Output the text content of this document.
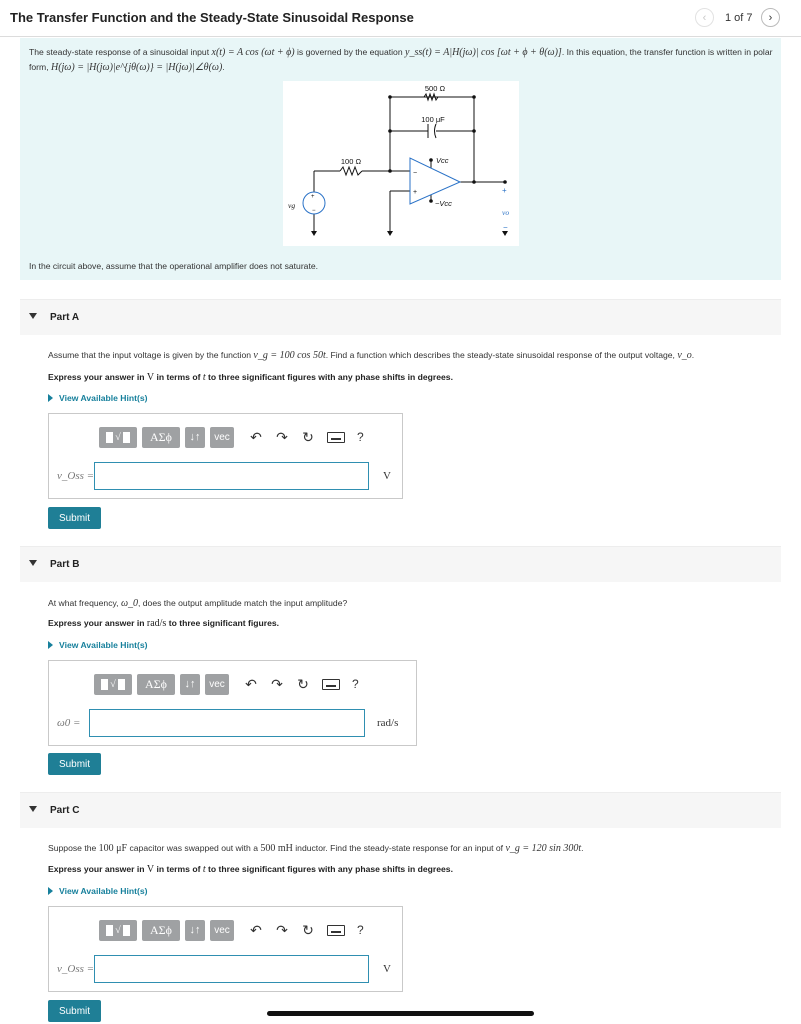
The Transfer Function and the Steady-State Sinusoidal Response	‹	1 of 7	›
The steady-state response of a sinusoidal input x(t) = A cos (ωt + ϕ) is governed by the equation y_ss(t) = A|H(jω)| cos [ωt + ϕ + θ(ω)]. In this equation, the transfer function is written in polar form, H(jω) = |H(jω)|e^{jθ(ω)} = |H(jω)|∠θ(ω).
500 Ω
100 μF
100 Ω	Vcc
−Vcc
vg
vo
+
−
+
−
−
+
In the circuit above, assume that the operational amplifier does not saturate.
Part A
Assume that the input voltage is given by the function v_g = 100 cos 50t. Find a function which describes the steady-state sinusoidal response of the output voltage, v_o.
Express your answer in V in terms of t to three significant figures with any phase shifts in degrees.
View Available Hint(s)
√	ΑΣϕ	↓↑	vec	↶ ↷ ↻	?
v_Oss =	V
Submit
Part B
At what frequency, ω_0, does the output amplitude match the input amplitude?
Express your answer in rad/s to three significant figures.
View Available Hint(s)
√	ΑΣϕ	↓↑	vec	↶ ↷ ↻	?
ω0 =	rad/s
Submit
Part C
Suppose the 100 μF capacitor was swapped out with a 500 mH inductor. Find the steady-state response for an input of v_g = 120 sin 300t.
Express your answer in V in terms of t to three significant figures with any phase shifts in degrees.
View Available Hint(s)
√	ΑΣϕ	↓↑	vec	↶ ↷ ↻	?
v_Oss =	V
Submit
